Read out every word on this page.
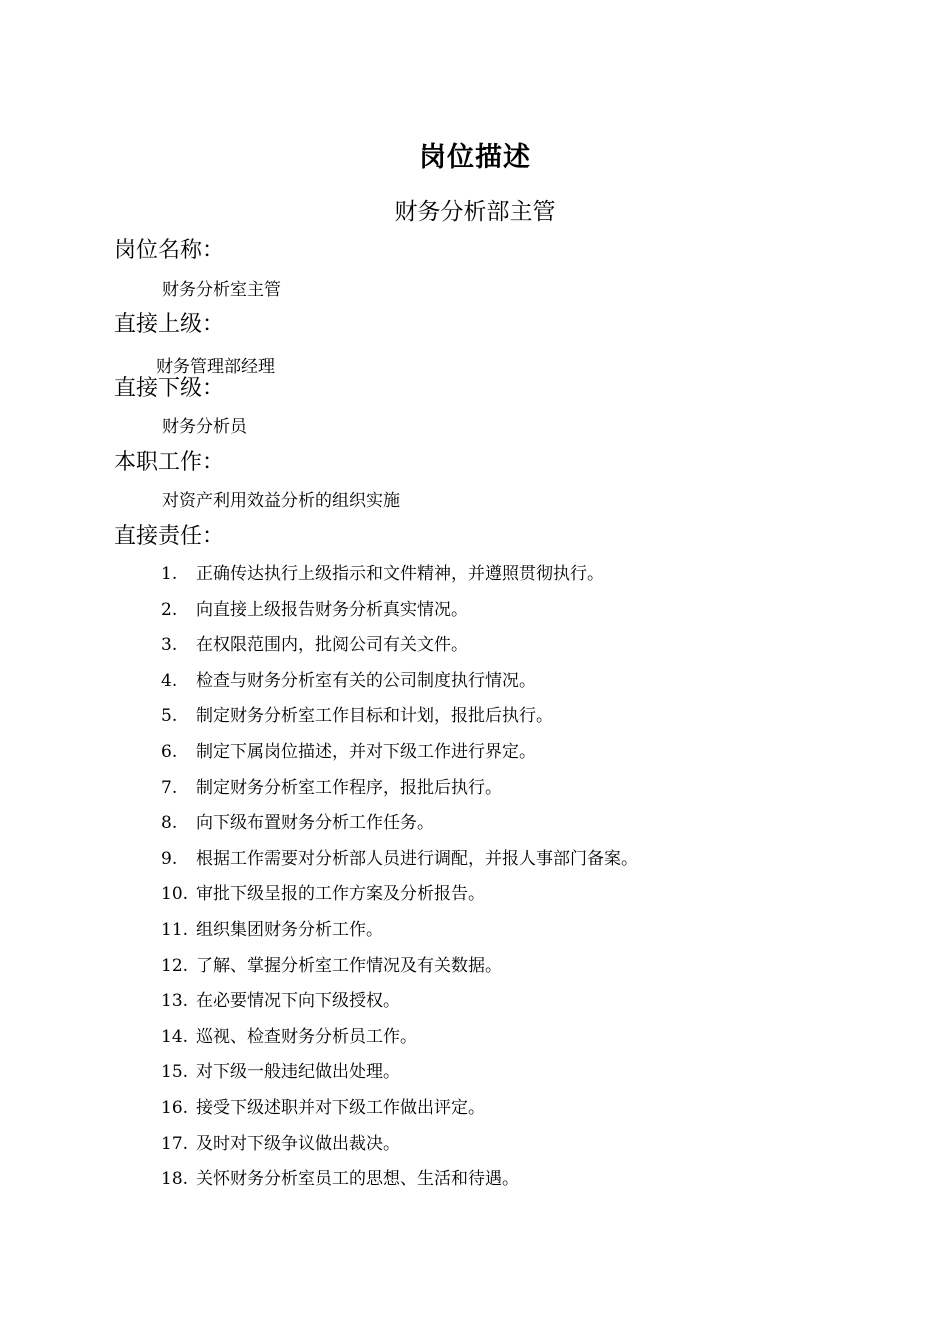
岗位描述
财务分析部主管
岗位名称：
财务分析室主管
直接上级：
财务管理部经理
直接下级：
财务分析员
本职工作：
对资产利用效益分析的组织实施
直接责任：
1. 正确传达执行上级指示和文件精神，并遵照贯彻执行。
2. 向直接上级报告财务分析真实情况。
3. 在权限范围内，批阅公司有关文件。
4. 检查与财务分析室有关的公司制度执行情况。
5. 制定财务分析室工作目标和计划，报批后执行。
6. 制定下属岗位描述，并对下级工作进行界定。
7. 制定财务分析室工作程序，报批后执行。
8. 向下级布置财务分析工作任务。
9. 根据工作需要对分析部人员进行调配，并报人事部门备案。
10. 审批下级呈报的工作方案及分析报告。
11. 组织集团财务分析工作。
12. 了解、掌握分析室工作情况及有关数据。
13. 在必要情况下向下级授权。
14. 巡视、检查财务分析员工作。
15. 对下级一般违纪做出处理。
16. 接受下级述职并对下级工作做出评定。
17. 及时对下级争议做出裁决。
18. 关怀财务分析室员工的思想、生活和待遇。
